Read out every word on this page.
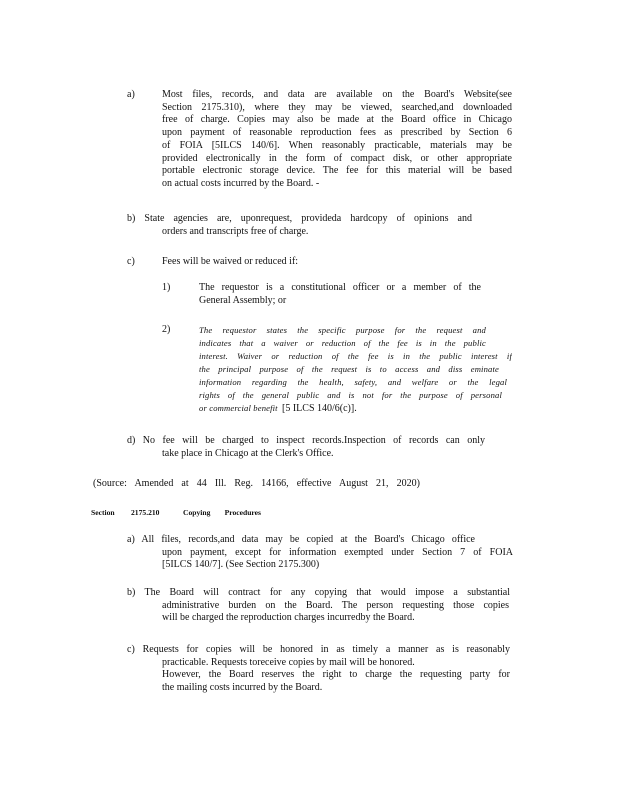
a)	Most files, records, and data are available on the Board's Website(see
Section 2175.310), where they may be viewed, searched,and downloaded
free of charge. Copies may also be made at the Board office in Chicago
upon payment of reasonable reproduction fees as prescribed by Section 6
of FOIA [5ILCS 140/6]. When reasonably practicable, materials may be
provided electronically in the form of compact disk, or other appropriate
portable electronic storage device. The fee for this material will be based
on actual costs incurred by the Board. -
b) State agencies are, uponrequest, provideda hardcopy of opinions and
orders and transcripts free of charge.
c)	Fees will be waived or reduced if:
1)	The requestor is a constitutional officer or a member of the
General Assembly; or
2)	The requestor states the specific purpose for the request and
indicates that a waiver or reduction of the fee is in the public
interest. Waiver or reduction of the fee is in the public interest if
the principal purpose of the request is to access and diss eminate
information regarding the health, safety, and welfare or the legal
rights of the general public and is not for the purpose of personal
or commercial benefit [5 ILCS 140/6(c)].
d) No fee will be charged to inspect records.Inspection of records can only
take place in Chicago at the Clerk's Office.
(Source: Amended at 44 Ill. Reg. 14166, effective August 21, 2020)
Section 2175.210	Copying Procedures
a) All files, records,and data may be copied at the Board's Chicago office
upon payment, except for information exempted under Section 7 of FOIA
[5ILCS 140/7]. (See Section 2175.300)
b) The Board will contract for any copying that would impose a substantial
administrative burden on the Board. The person requesting those copies
will be charged the reproduction charges incurredby the Board.
c) Requests for copies will be honored in as timely a manner as is reasonably
practicable. Requests toreceive copies by mail will be honored.
However, the Board reserves the right to charge the requesting party for
the mailing costs incurred by the Board.
